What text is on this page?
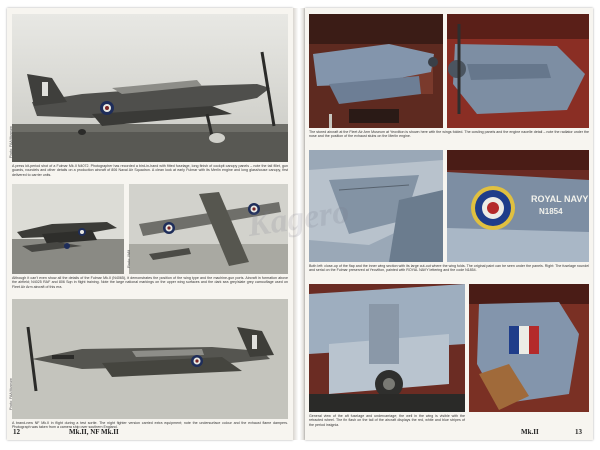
A press kit-period shot of a Fulmar Mk.II N4072. Photographer has recorded a bird-in-hand with fitted fuselage, long finish of cockpit canopy panels – note the tail fillet, gun guards, roundels and other details on a production aircraft of 806 Naval Air Squadron. A clean look at early Fulmar with its Merlin engine and long glasshouse canopy, first delivered to carrier units.
Although it can't even show all the details of the Fulmar Mk.II (N4065), it demonstrates the position of the wing type and the machine-gun ports. Aircraft in formation above the airfield; N4025 RAF and 806 Sqn in flight training. Note the large national markings on the upper wing surfaces and the dark sea grey/slate grey camouflage used on Fleet Air Arm aircraft of this era.
A brand-new NF Mk.II in flight during a test sortie. The night fighter version carried extra equipment; note the undersurface colour and the exhaust flame dampers. Photograph was taken from a camera ship over southern England.
Photo: FAA Museum
Photo: IWM
Photo: FAA Museum
12	Mk.II, NF Mk.II
The stored aircraft at the Fleet Air Arm Museum at Yeovilton is shown here with the wings folded. The cowling panels and the engine nacelle detail – note the radiator under the nose and the position of the exhaust stubs on the Merlin engine.
ROYAL NAVY
N1854
Both left: close-up of the flap and the inner wing section with its large cut-out where the wing folds. The original paint can be seen under the panels. Right: The fuselage roundel and serial on the Fulmar preserved at Yeovilton, painted with ROYAL NAVY lettering and the code N1854.
General view of the aft fuselage and undercarriage; the well in the wing is visible with the retracted wheel. The fin flash on the tail of the aircraft displays the red, white and blue stripes of the period insignia.
Mk.II	13
